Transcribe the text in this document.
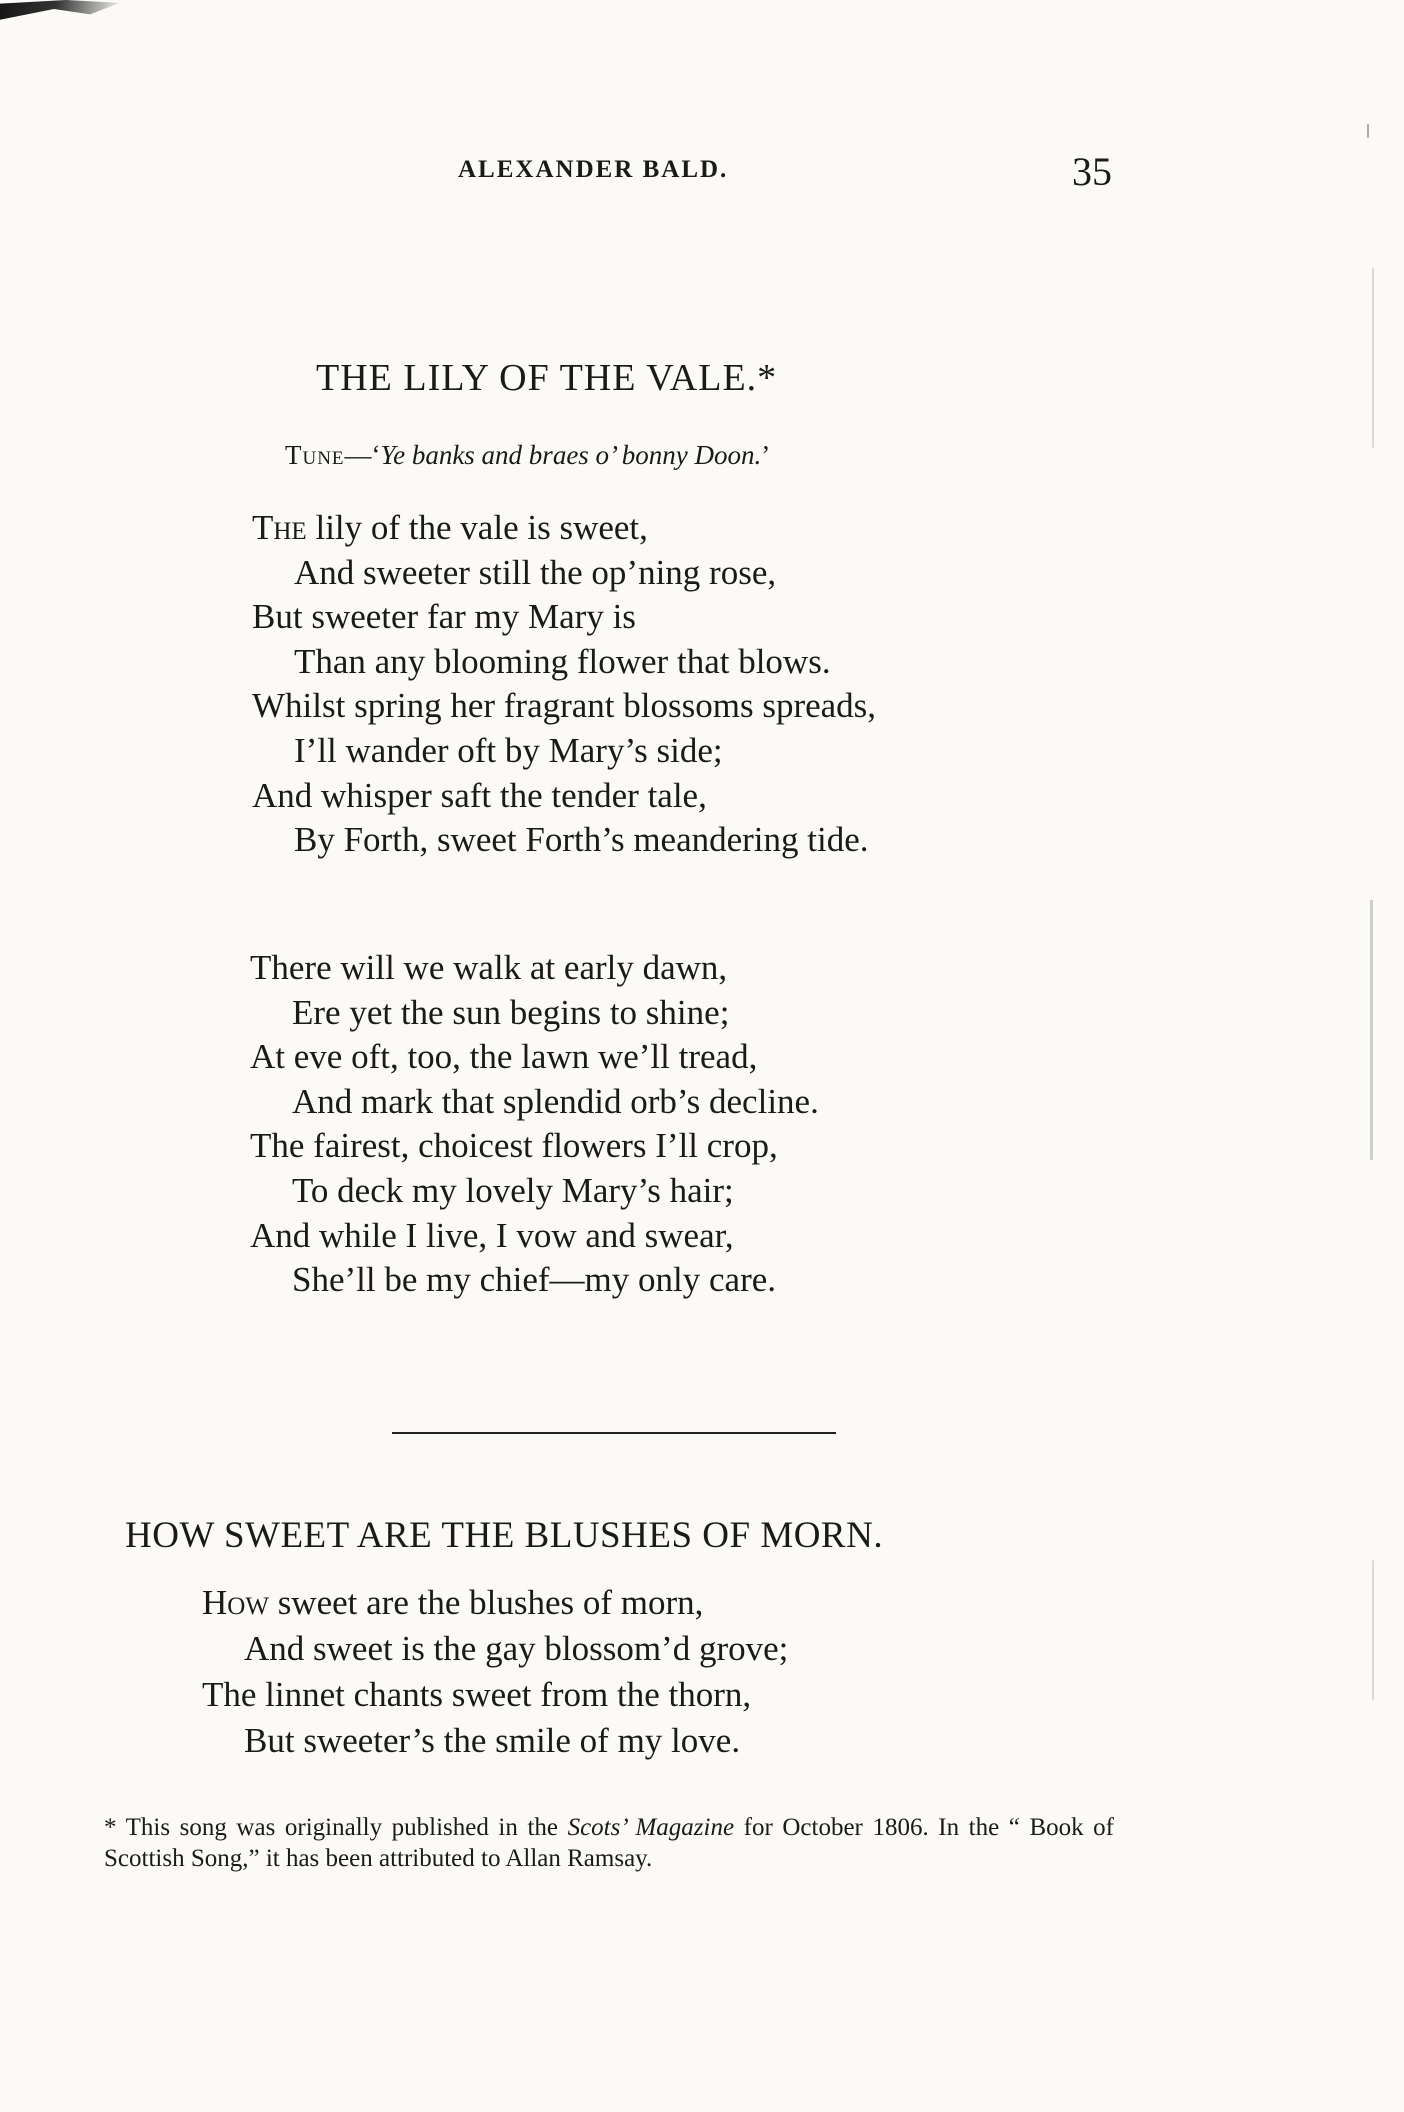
ALEXANDER BALD.	35
THE LILY OF THE VALE.*
Tune—‘Ye banks and braes o’ bonny Doon.’
The lily of the vale is sweet,
And sweeter still the op’ning rose,
But sweeter far my Mary is
Than any blooming flower that blows.
Whilst spring her fragrant blossoms spreads,
I’ll wander oft by Mary’s side;
And whisper saft the tender tale,
By Forth, sweet Forth’s meandering tide.
There will we walk at early dawn,
Ere yet the sun begins to shine;
At eve oft, too, the lawn we’ll tread,
And mark that splendid orb’s decline.
The fairest, choicest flowers I’ll crop,
To deck my lovely Mary’s hair;
And while I live, I vow and swear,
She’ll be my chief—my only care.
HOW SWEET ARE THE BLUSHES OF MORN.
How sweet are the blushes of morn,
And sweet is the gay blossom’d grove;
The linnet chants sweet from the thorn,
But sweeter’s the smile of my love.
* This song was originally published in the Scots’ Magazine for October 1806. In the “ Book of Scottish Song,” it has been attributed to Allan Ramsay.
